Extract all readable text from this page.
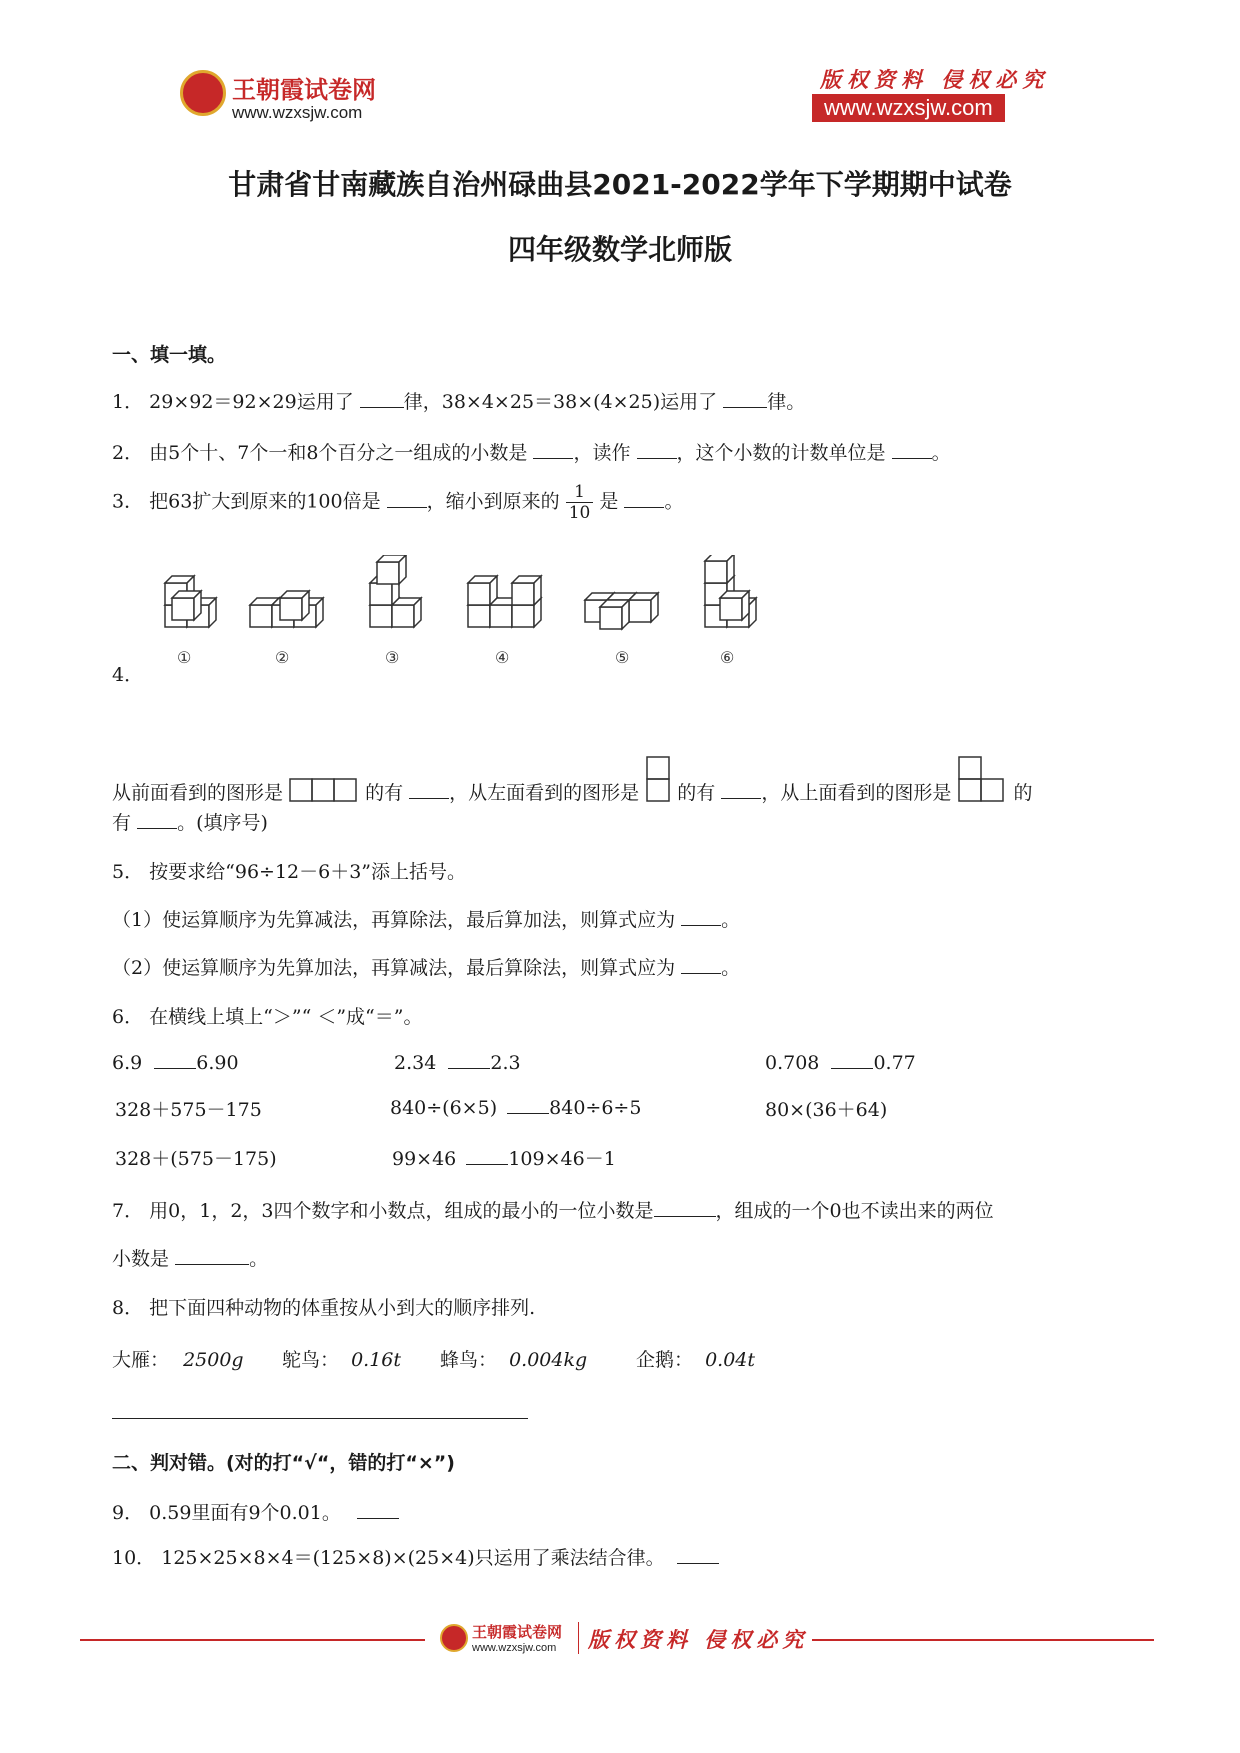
王朝霞试卷网
www.wzxsjw.com
版权资料 侵权必究
www.wzxsjw.com
甘肃省甘南藏族自治州碌曲县2021-2022学年下学期期中试卷
四年级数学北师版
一、填一填。
1． 29×92＝92×29运用了	律，38×4×25＝38×(4×25)运用了	律。
2． 由5个十、7个一和8个百分之一组成的小数是 ，读作 ，这个小数的计数单位是 。
3． 把63扩大到原来的100倍是 ，缩小到原来的 $\frac{1}{10}$ 是 。
①	②	③	④	⑤	⑥
4．
从前面看到的图形是	的有 ，从左面看到的图形是 的有 ，从上面看到的图形是	的
有 。(填序号)
5． 按要求给“96÷12－6＋3”添上括号。
（1）使运算顺序为先算减法，再算除法，最后算加法，则算式应为 。
（2）使运算顺序为先算加法，再算减法，最后算除法，则算式应为 。
6． 在横线上填上“＞”“ ＜”成“＝”。
6.9	6.90	2.34	2.3	0.708	0.77
328＋575－175	840÷(6×5)	840÷6÷5	80×(36＋64)
328＋(575－175)	99×46	109×46－1
7． 用0，1，2，3四个数字和小数点，组成的最小的一位小数是	，组成的一个0也不读出来的两位
小数是	。
8． 把下面四种动物的体重按从小到大的顺序排列.
大雁： 2500g 鸵鸟： 0.16t 蜂鸟： 0.004kg	企鹅： 0.04t
二、判对错。(对的打“√“，错的打“×”)
9． 0.59里面有9个0.01。
10． 125×25×8×4＝(125×8)×(25×4)只运用了乘法结合律。
王朝霞试卷网
www.wzxsjw.com 版权资料 侵权必究
